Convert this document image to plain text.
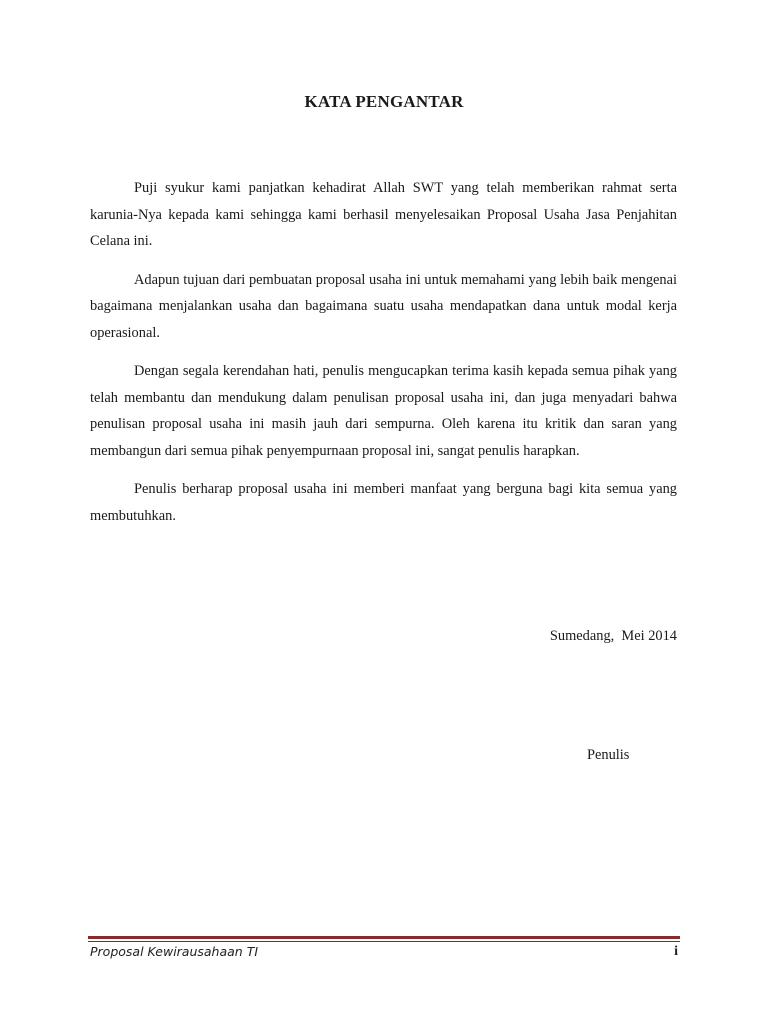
KATA PENGANTAR

Puji syukur kami panjatkan kehadirat Allah SWT yang telah memberikan rahmat serta karunia-Nya kepada kami sehingga kami berhasil menyelesaikan Proposal Usaha Jasa Penjahitan Celana ini.

Adapun tujuan dari pembuatan proposal usaha ini untuk memahami yang lebih baik mengenai bagaimana menjalankan usaha dan bagaimana suatu usaha mendapatkan dana untuk modal kerja operasional.

Dengan segala kerendahan hati, penulis mengucapkan terima kasih kepada semua pihak yang telah membantu dan mendukung dalam penulisan proposal usaha ini, dan juga menyadari bahwa penulisan proposal usaha ini masih jauh dari sempurna. Oleh karena itu kritik dan saran yang membangun dari semua pihak penyempurnaan proposal ini, sangat penulis harapkan.

Penulis berharap proposal usaha ini memberi manfaat yang berguna bagi kita semua yang membutuhkan.

Sumedang,  Mei 2014
Penulis
Proposal Kewirausahaan TI	i
